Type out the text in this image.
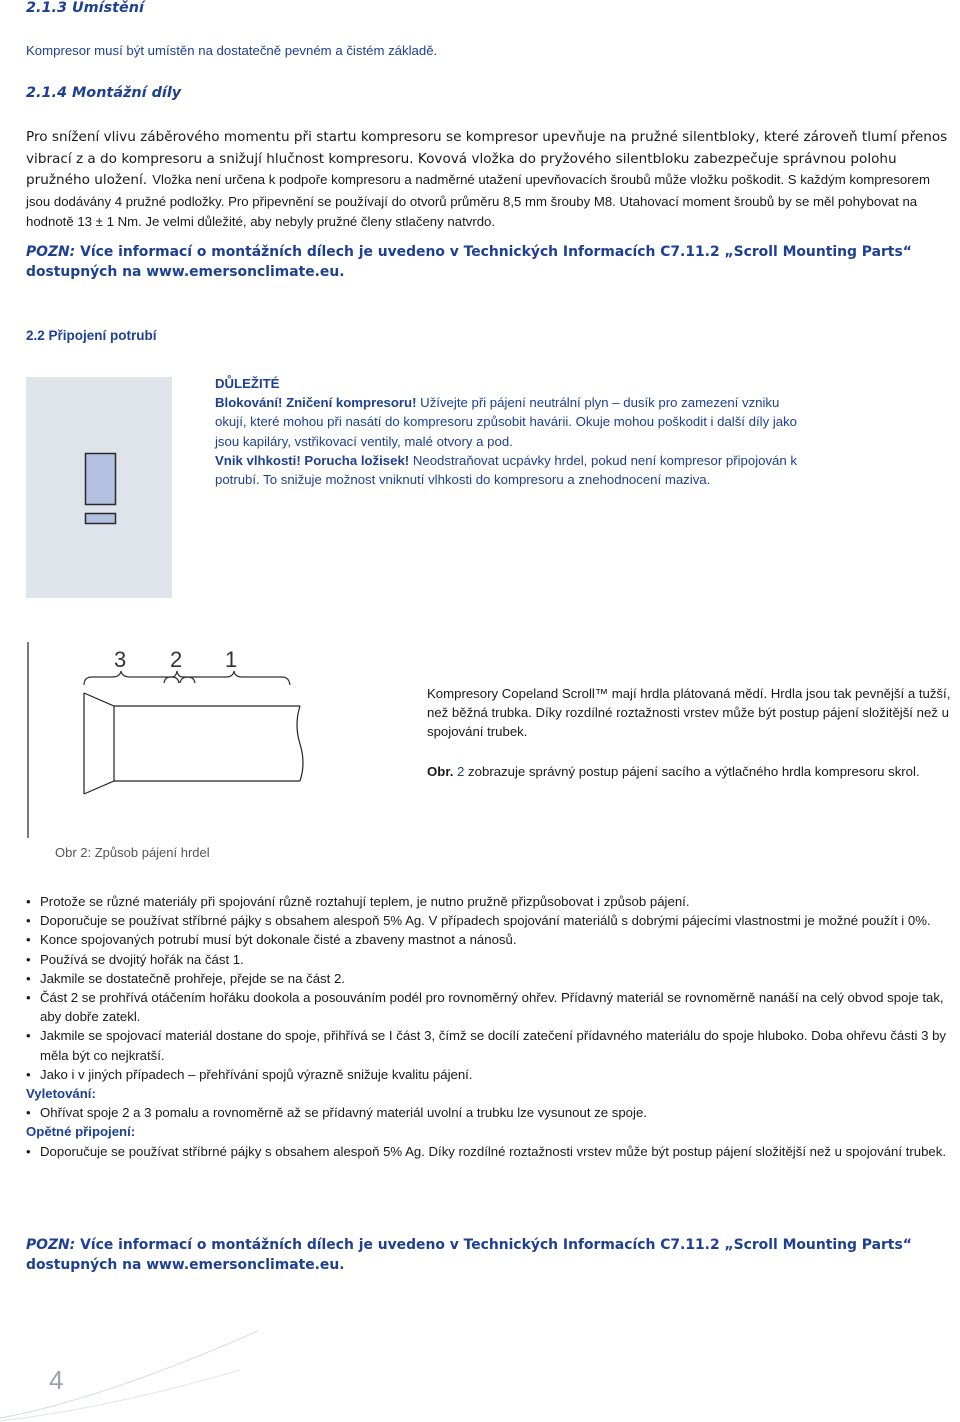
2.1.3 Umístění
Kompresor musí být umístěn na dostatečně pevném a čistém základě.
2.1.4 Montážní díly
Pro snížení vlivu záběrového momentu při startu kompresoru se kompresor upevňuje na pružné silentbloky, které zároveň tlumí přenos vibrací z a do kompresoru a snižují hlučnost kompresoru. Kovová vložka do pryžového silentbloku zabezpečuje správnou polohu pružného uložení. Vložka není určena k podpoře kompresoru a nadměrné utažení upevňovacích šroubů může vložku poškodit. S každým kompresorem jsou dodávány 4 pružné podložky. Pro připevnění se používají do otvorů průměru 8,5 mm šrouby M8. Utahovací moment šroubů by se měl pohybovat na hodnotě 13 ± 1 Nm. Je velmi důležité, aby nebyly pružné členy stlačeny natvrdo.
POZN: Více informací o montážních dílech je uvedeno v Technických Informacích C7.11.2 „Scroll Mounting Parts“ dostupných na www.emersonclimate.eu.
2.2 Připojení potrubí
DŮLEŽITÉ
Blokování! Zničení kompresoru! Užívejte při pájení neutrální plyn – dusík pro zamezení vzniku okují, které mohou při nasátí do kompresoru způsobit havárii. Okuje mohou poškodit i další díly jako jsou kapiláry, vstřikovací ventily, malé otvory a pod.
Vnik vlhkosti! Porucha ložisek! Neodstraňovat ucpávky hrdel, pokud není kompresor připojován k potrubí. To snižuje možnost vniknutí vlhkosti do kompresoru a znehodnocení maziva.
3 2 1
Obr 2: Způsob pájení hrdel
Kompresory Copeland Scroll™ mají hrdla plátovaná mědí. Hrdla jsou tak pevnější a tužší, než běžná trubka. Díky rozdílné roztažnosti vrstev může být postup pájení složitější než u spojování trubek.
Obr. 2 zobrazuje správný postup pájení sacího a výtlačného hrdla kompresoru skrol.
• Protože se různé materiály při spojování různě roztahují teplem, je nutno pružně přizpůsobovat i způsob pájení.
• Doporučuje se používat stříbrné pájky s obsahem alespoň 5% Ag. V případech spojování materiálů s dobrými pájecími vlastnostmi je možné použít i 0%.
• Konce spojovaných potrubí musí být dokonale čisté a zbaveny mastnot a nánosů.
• Používá se dvojitý hořák na část 1.
• Jakmile se dostatečně prohřeje, přejde se na část 2.
• Část 2 se prohřívá otáčením hořáku dookola a posouváním podél pro rovnoměrný ohřev. Přídavný materiál se rovnoměrně nanáší na celý obvod spoje tak, aby dobře zatekl.
• Jakmile se spojovací materiál dostane do spoje, přihřívá se I část 3, čímž se docílí zatečení přídavného materiálu do spoje hluboko. Doba ohřevu části 3 by měla být co nejkratší.
• Jako i v jiných případech – přehřívání spojů výrazně snižuje kvalitu pájení.
Vyletování:
• Ohřívat spoje 2 a 3 pomalu a rovnoměrně až se přídavný materiál uvolní a trubku lze vysunout ze spoje.
Opětné připojení:
• Doporučuje se používat stříbrné pájky s obsahem alespoň 5% Ag. Díky rozdílné roztažnosti vrstev může být postup pájení složitější než u spojování trubek.
POZN: Více informací o montážních dílech je uvedeno v Technických Informacích C7.11.2 „Scroll Mounting Parts“ dostupných na www.emersonclimate.eu.
4
